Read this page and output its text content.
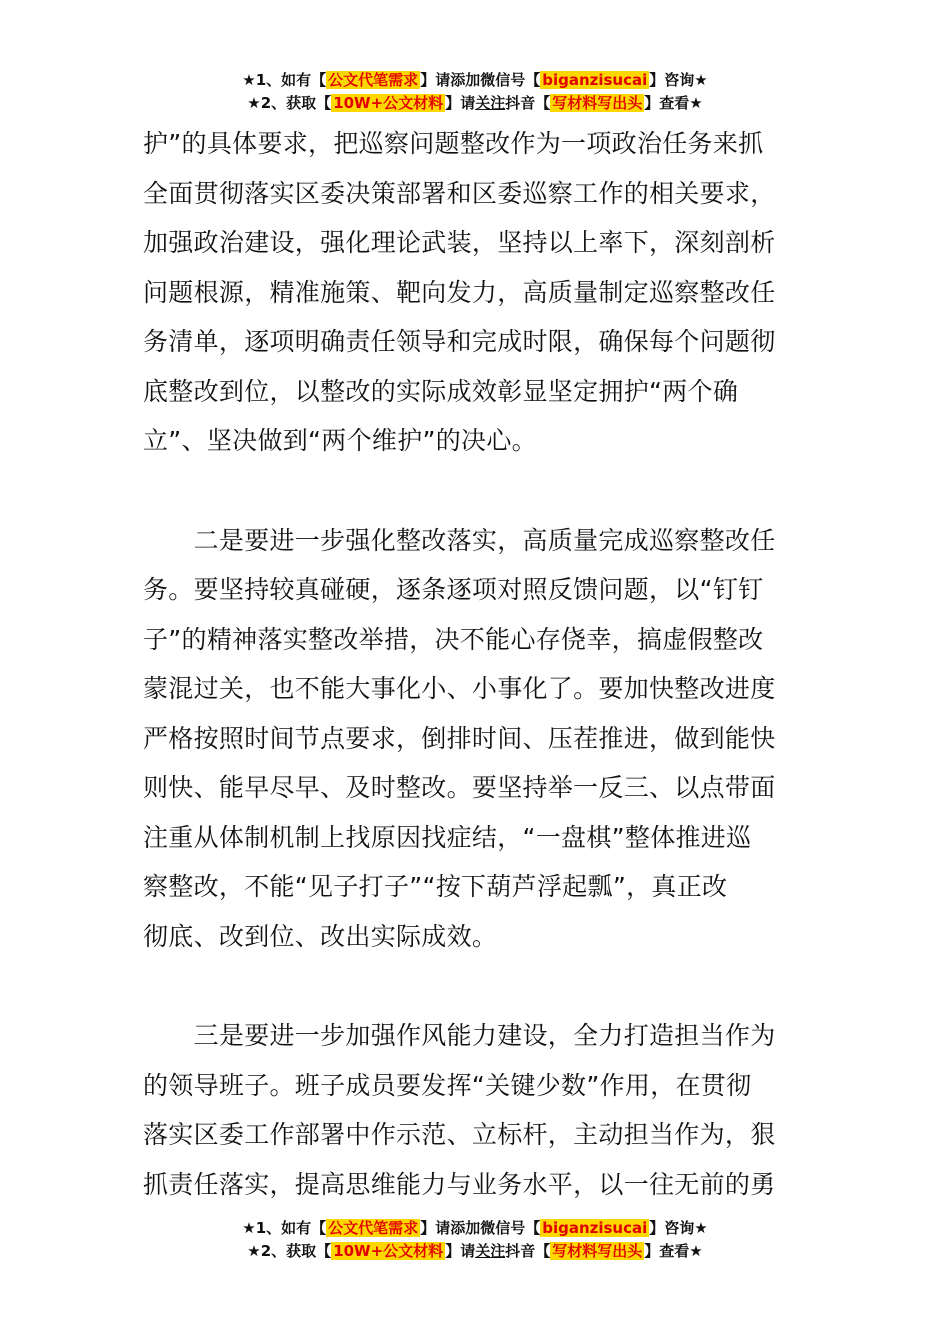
★1、如有【 公文代笔需求 】请添加微信号【 biganzisucai 】咨询★
★2、获取【 10W+公文材料 】请关注抖音【 写材料写出头 】查看★
护”的具体要求，把巡察问题整改作为一项政治任务来抓
全面贯彻落实区委决策部署和区委巡察工作的相关要求，
加强政治建设，强化理论武装，坚持以上率下，深刻剖析
问题根源，精准施策、靶向发力，高质量制定巡察整改任
务清单，逐项明确责任领导和完成时限，确保每个问题彻
底整改到位，以整改的实际成效彰显坚定拥护“两个确
立”、坚决做到“两个维护”的决心。
　　二是要进一步强化整改落实，高质量完成巡察整改任
务。要坚持较真碰硬，逐条逐项对照反馈问题，以“钉钉
子”的精神落实整改举措，决不能心存侥幸，搞虚假整改
蒙混过关，也不能大事化小、小事化了。要加快整改进度
严格按照时间节点要求，倒排时间、压茬推进，做到能快
则快、能早尽早、及时整改。要坚持举一反三、以点带面
注重从体制机制上找原因找症结，“一盘棋”整体推进巡
察整改，不能“见子打子”“按下葫芦浮起瓢”，真正改
彻底、改到位、改出实际成效。
　　三是要进一步加强作风能力建设，全力打造担当作为
的领导班子。班子成员要发挥“关键少数”作用，在贯彻
落实区委工作部署中作示范、立标杆，主动担当作为，狠
抓责任落实，提高思维能力与业务水平，以一往无前的勇
★1、如有【 公文代笔需求 】请添加微信号【 biganzisucai 】咨询★
★2、获取【 10W+公文材料 】请关注抖音【 写材料写出头 】查看★
